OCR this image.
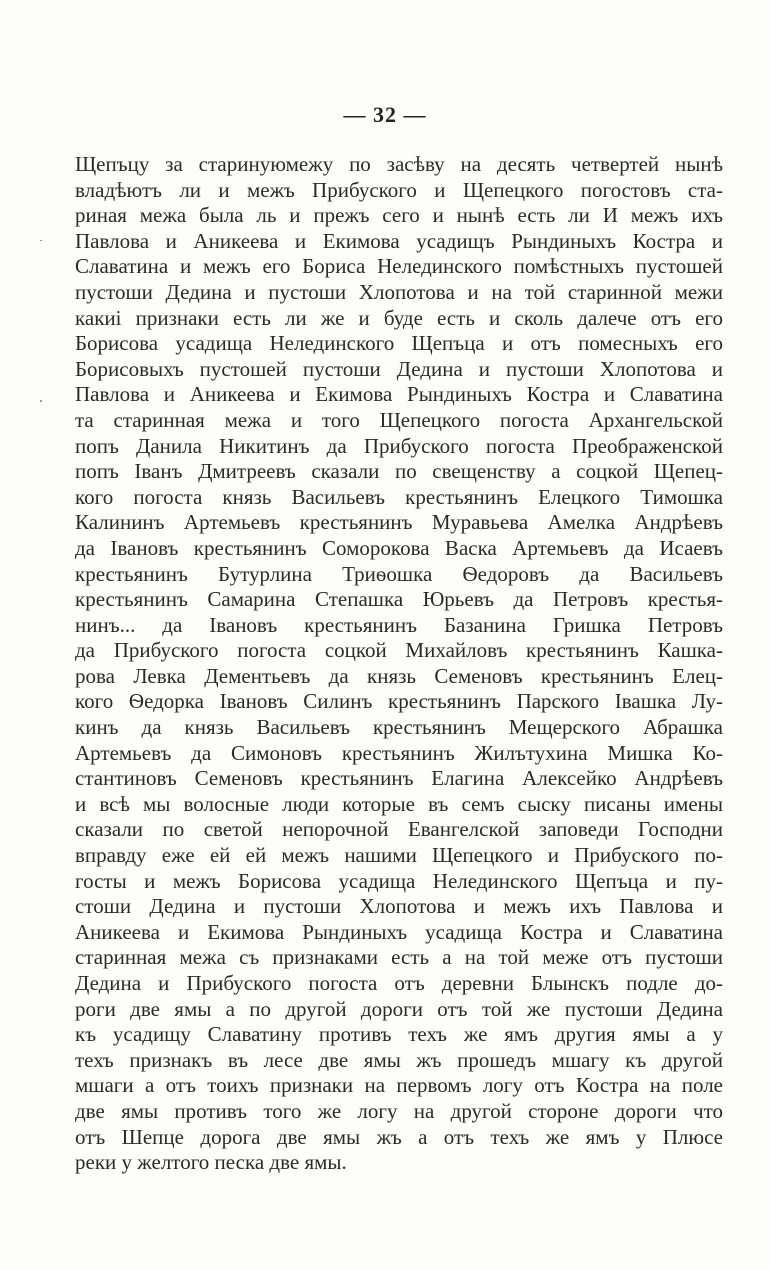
— 32 —
Щепъцу за старинуюмежу по засѣву на десять четвертей нынѣ
владѣютъ ли и межъ Прибуского и Щепецкого погостовъ ста-
риная межа была ль и прежъ сего и нынѣ есть ли И межъ ихъ
Павлова и Аникеева и Екимова усадищъ Рындиныхъ Костра и
Славатина и межъ его Бориса Нелединского помѣстныхъ пустошей
пустоши Дедина и пустоши Хлопотова и на той старинной межи
какиі признаки есть ли же и буде есть и сколь далече отъ его
Борисова усадища Нелединского Щепъца и отъ помесныхъ его
Борисовыхъ пустошей пустоши Дедина и пустоши Хлопотова и
Павлова и Аникеева и Екимова Рындиныхъ Костра и Славатина
та старинная межа и того Щепецкого погоста Архангельской
попъ Данила Никитинъ да Прибуского погоста Преображенской
попъ Іванъ Дмитреевъ сказали по свещенству а соцкой Щепец-
кого погоста князь Васильевъ крестьянинъ Елецкого Тимошка
Калининъ Артемьевъ крестьянинъ Муравьева Амелка Андрѣевъ
да Івановъ крестьянинъ Соморокова Васка Артемьевъ да Исаевъ
крестьянинъ Бутурлина Триѳошка Ѳедоровъ да Васильевъ
крестьянинъ Самарина Степашка Юрьевъ да Петровъ крестья-
нинъ... да Івановъ крестьянинъ Базанина Гришка Петровъ
да Прибуского погоста соцкой Михайловъ крестьянинъ Кашка-
рова Левка Дементьевъ да князь Семеновъ крестьянинъ Елец-
кого Ѳедорка Івановъ Силинъ крестьянинъ Парского Івашка Лу-
кинъ да князь Васильевъ крестьянинъ Мещерского Абрашка
Артемьевъ да Симоновъ крестьянинъ Жилътухина Мишка Ко-
стантиновъ Семеновъ крестьянинъ Елагина Алексейко Андрѣевъ
и всѣ мы волосные люди которые въ семъ сыску писаны имены
сказали по светой непорочной Евангелской заповеди Господни
вправду еже ей ей межъ нашими Щепецкого и Прибуского по-
госты и межъ Борисова усадища Нелединского Щепъца и пу-
стоши Дедина и пустоши Хлопотова и межъ ихъ Павлова и
Аникеева и Екимова Рындиныхъ усадища Костра и Славатина
старинная межа съ признаками есть а на той меже отъ пустоши
Дедина и Прибуского погоста отъ деревни Блынскъ подле до-
роги две ямы а по другой дороги отъ той же пустоши Дедина
къ усадищу Славатину противъ техъ же ямъ другия ямы а у
техъ признакъ въ лесе две ямы жъ прошедъ мшагу къ другой
мшаги а отъ тоихъ признаки на первомъ логу отъ Костра на поле
две ямы противъ того же логу на другой стороне дороги что
отъ Шепце дорога две ямы жъ а отъ техъ же ямъ у Плюсе
реки у желтого песка две ямы.
